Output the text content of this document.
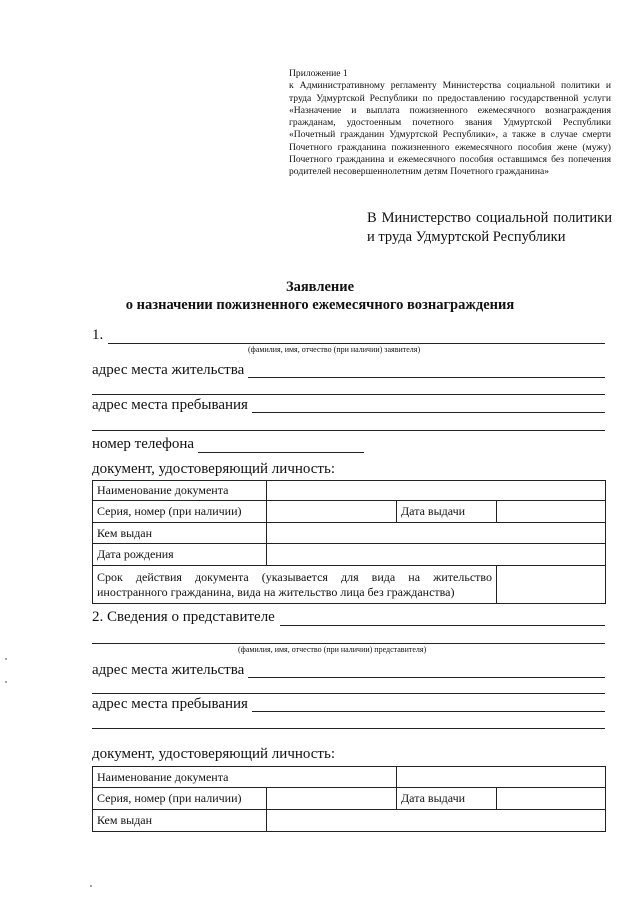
Приложение 1
к Административному регламенту Министерства социальной политики и труда Удмуртской Республики по предоставлению государственной услуги «Назначение и выплата пожизненного ежемесячного вознаграждения гражданам, удостоенным почетного звания Удмуртской Республики «Почетный гражданин Удмуртской Республики», а также в случае смерти Почетного гражданина пожизненного ежемесячного пособия жене (мужу) Почетного гражданина и ежемесячного пособия оставшимся без попечения родителей несовершеннолетним детям Почетного гражданина»
В Министерство социальной политики и труда Удмуртской Республики
Заявление
о назначении пожизненного ежемесячного вознаграждения
1.
(фамилия, имя, отчество (при наличии) заявителя)
адрес места жительства
адрес места пребывания
номер телефона
документ, удостоверяющий личность:
Наименование документа			
Серия, номер (при наличии)		Дата выдачи	
Кем выдан			
Дата рождения			

Срок действия документа (указывается для вида на жительство
иностранного гражданина, вида на жительство лица без гражданства)			

2. Сведения о представителе
(фамилия, имя, отчество (при наличии) представителя)
адрес места жительства
адрес места пребывания
документ, удостоверяющий личность:
Наименование документа			
Серия, номер (при наличии)		Дата выдачи	
Кем выдан			
